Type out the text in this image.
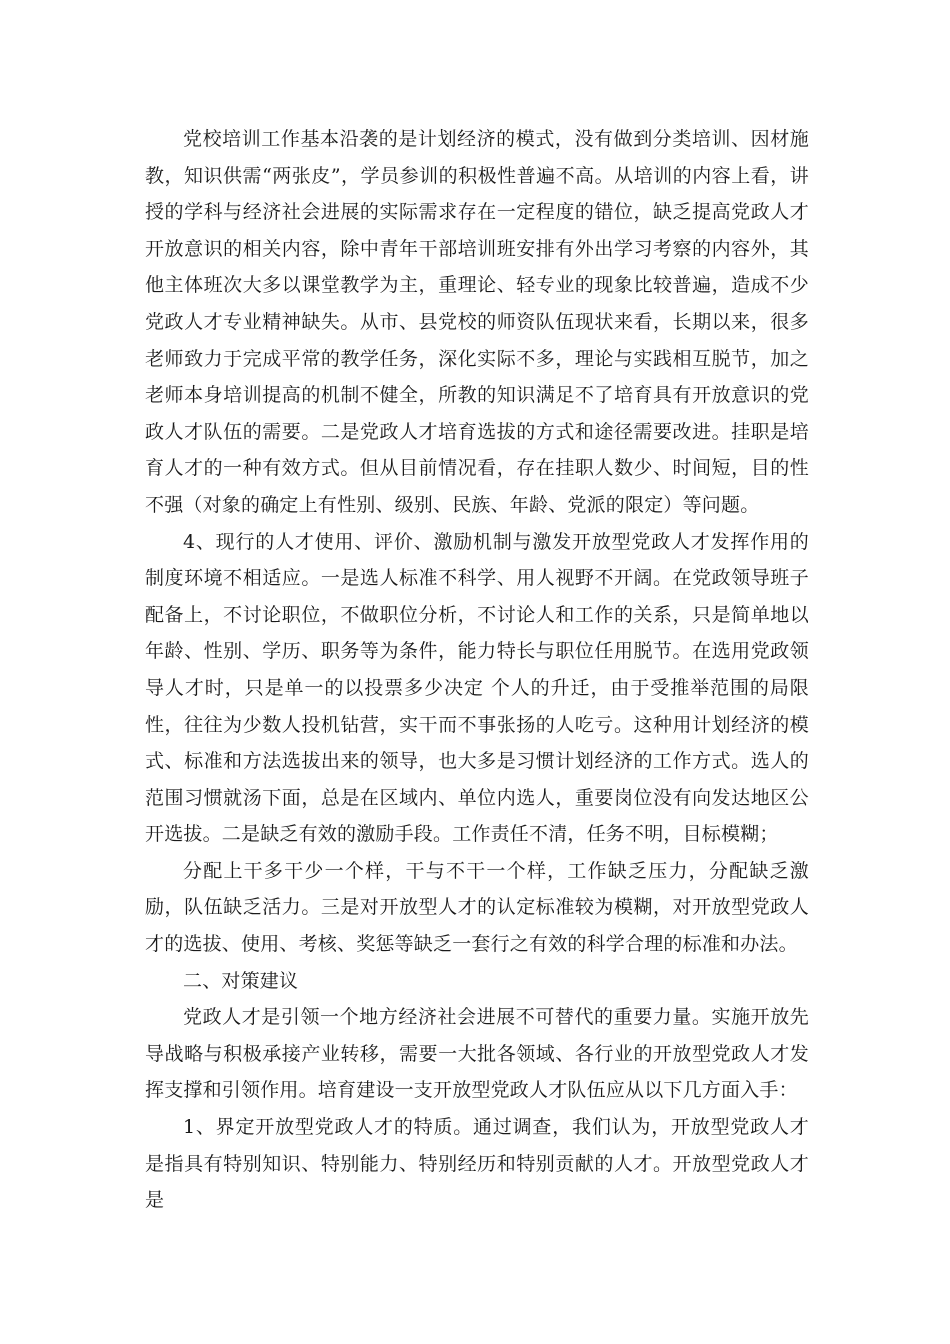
党校培训工作基本沿袭的是计划经济的模式，没有做到分类培训、因材施教，知识供需“两张皮”，学员参训的积极性普遍不高。从培训的内容上看，讲授的学科与经济社会进展的实际需求存在一定程度的错位，缺乏提高党政人才开放意识的相关内容，除中青年干部培训班安排有外出学习考察的内容外，其他主体班次大多以课堂教学为主，重理论、轻专业的现象比较普遍，造成不少党政人才专业精神缺失。从市、县党校的师资队伍现状来看，长期以来，很多老师致力于完成平常的教学任务，深化实际不多，理论与实践相互脱节，加之老师本身培训提高的机制不健全，所教的知识满足不了培育具有开放意识的党政人才队伍的需要。二是党政人才培育选拔的方式和途径需要改进。挂职是培育人才的一种有效方式。但从目前情况看，存在挂职人数少、时间短，目的性不强（对象的确定上有性别、级别、民族、年龄、党派的限定）等问题。

4、现行的人才使用、评价、激励机制与激发开放型党政人才发挥作用的制度环境不相适应。一是选人标准不科学、用人视野不开阔。在党政领导班子配备上，不讨论职位，不做职位分析，不讨论人和工作的关系，只是简单地以年龄、性别、学历、职务等为条件，能力特长与职位任用脱节。在选用党政领导人才时，只是单一的以投票多少决定 个人的升迁，由于受推举范围的局限性，往往为少数人投机钻营，实干而不事张扬的人吃亏。这种用计划经济的模式、标准和方法选拔出来的领导，也大多是习惯计划经济的工作方式。选人的范围习惯就汤下面，总是在区域内、单位内选人，重要岗位没有向发达地区公开选拔。二是缺乏有效的激励手段。工作责任不清，任务不明，目标模糊；

分配上干多干少一个样，干与不干一个样，工作缺乏压力，分配缺乏激励，队伍缺乏活力。三是对开放型人才的认定标准较为模糊，对开放型党政人才的选拔、使用、考核、奖惩等缺乏一套行之有效的科学合理的标准和办法。

二、对策建议

党政人才是引领一个地方经济社会进展不可替代的重要力量。实施开放先导战略与积极承接产业转移，需要一大批各领域、各行业的开放型党政人才发挥支撑和引领作用。培育建设一支开放型党政人才队伍应从以下几方面入手：

1、界定开放型党政人才的特质。通过调查，我们认为，开放型党政人才是指具有特别知识、特别能力、特别经历和特别贡献的人才。开放型党政人才是
